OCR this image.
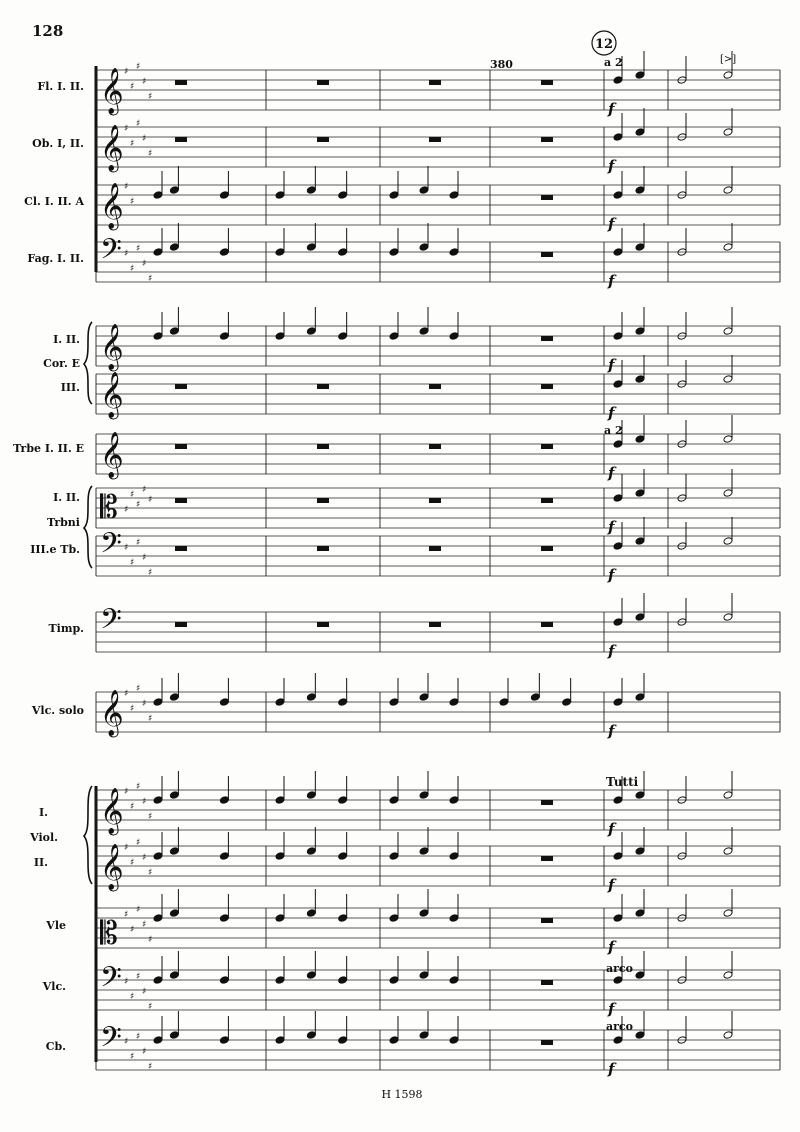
128
380
12
Fl. I. II.
Ob. I, II.
Cl. I. II. A
Fag. I. II.
I. II.
Cor. E
III.
Trbe I. II. E
I. II.
Trbni
III.e Tb.
Timp.
Vlc. solo
I.
Viol.
II.
Vle
Vlc.
Cb.
𝄞 ♯
♯
♯
♯
♯
𝄞 ♯
♯
♯
♯
♯
𝄞 ♯
♯
𝄢 ♯
♯
♯
♯
♯
𝄞
𝄞
𝄞
𝄡 ♯
♯
♯
♯
♯
𝄢 ♯
♯
♯
♯
♯
𝄢
𝄞 ♯
♯
♯
♯
♯
𝄞 ♯
♯
♯
♯
♯
𝄞 ♯
♯
♯
♯
♯
𝄡 ♯
♯
♯
♯
♯
𝄢 ♯
♯
♯
♯
♯
𝄢 ♯
♯
♯
♯
♯
f
f
f
f
f
f
f
f
f
f
f
f
f
f
f
f
a 2	[>]
a 2
Tutti
arco
arco
H 1598
